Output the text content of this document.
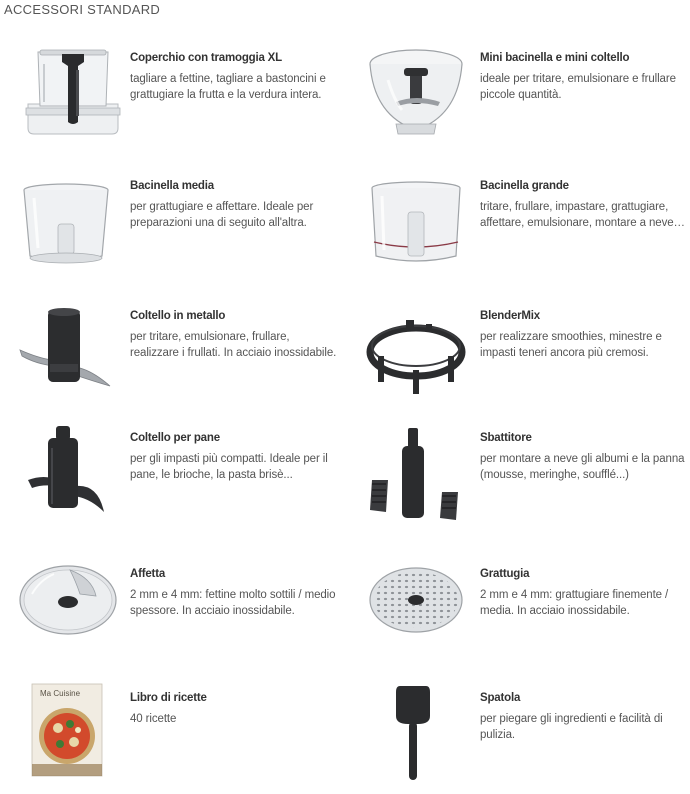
ACCESSORI STANDARD
Coperchio con tramoggia XL
tagliare a fettine, tagliare a bastoncini e grattugiare la frutta e la verdura intera.
Mini bacinella e mini coltello
ideale per tritare, emulsionare e frullare piccole quantità.
Bacinella media
per grattugiare e affettare. Ideale per preparazioni una di seguito all'altra.
Bacinella grande
tritare, frullare, impastare, grattugiare, affettare, emulsionare, montare a neve…
Coltello in metallo
per tritare, emulsionare, frullare, realizzare i frullati. In acciaio inossidabile.
BlenderMix
per realizzare smoothies, minestre e impasti teneri ancora più cremosi.
Coltello per pane
per gli impasti più compatti. Ideale per il pane, le brioche, la pasta brisè...
Sbattitore
per montare a neve gli albumi e la panna (mousse, meringhe, soufflé...)
Affetta
2 mm e 4 mm: fettine molto sottili / medio spessore. In acciaio inossidabile.
Grattugia
2 mm e 4 mm: grattugiare finemente / media. In acciaio inossidabile.
Ma Cuisine	Libro di ricette
40 ricette
Spatola
per piegare gli ingredienti e facilità di pulizia.
